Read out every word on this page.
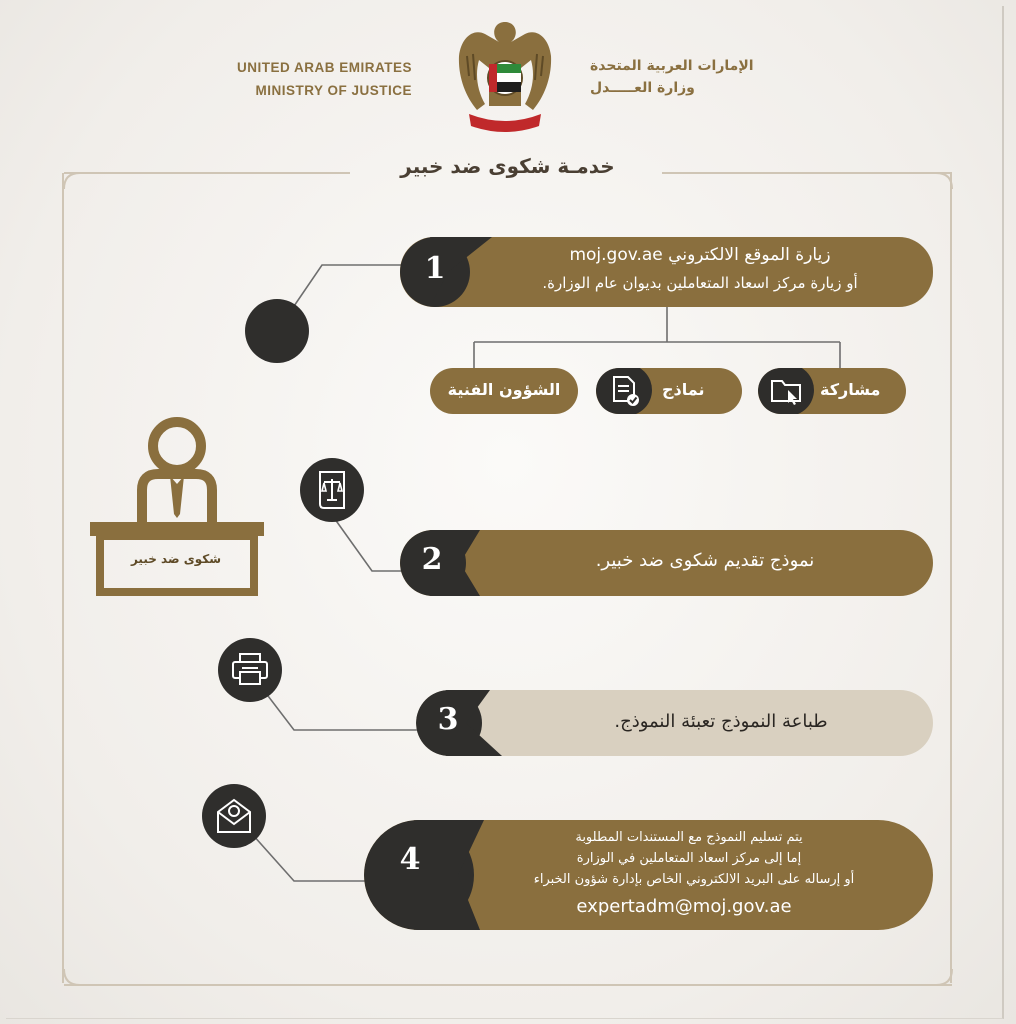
UNITED ARAB EMIRATES
MINISTRY OF JUSTICE
الإمارات العربية المتحدة
وزارة العـــــدل
خدمـة شكوى ضد خبير
1	زيارة الموقع الالكتروني moj.gov.ae
أو زيارة مركز اسعاد المتعاملين بديوان عام الوزارة.
مشاركة
نماذج
الشؤون الفنية
شكوى ضد خبير	2	نموذج تقديم شكوى ضد خبير.
3	طباعة النموذج تعبئة النموذج.
4
يتم تسليم النموذج مع المستندات المطلوبة
إما إلى مركز اسعاد المتعاملين في الوزارة
أو إرساله على البريد الالكتروني الخاص بإدارة شؤون الخبراء
expertadm@moj.gov.ae
